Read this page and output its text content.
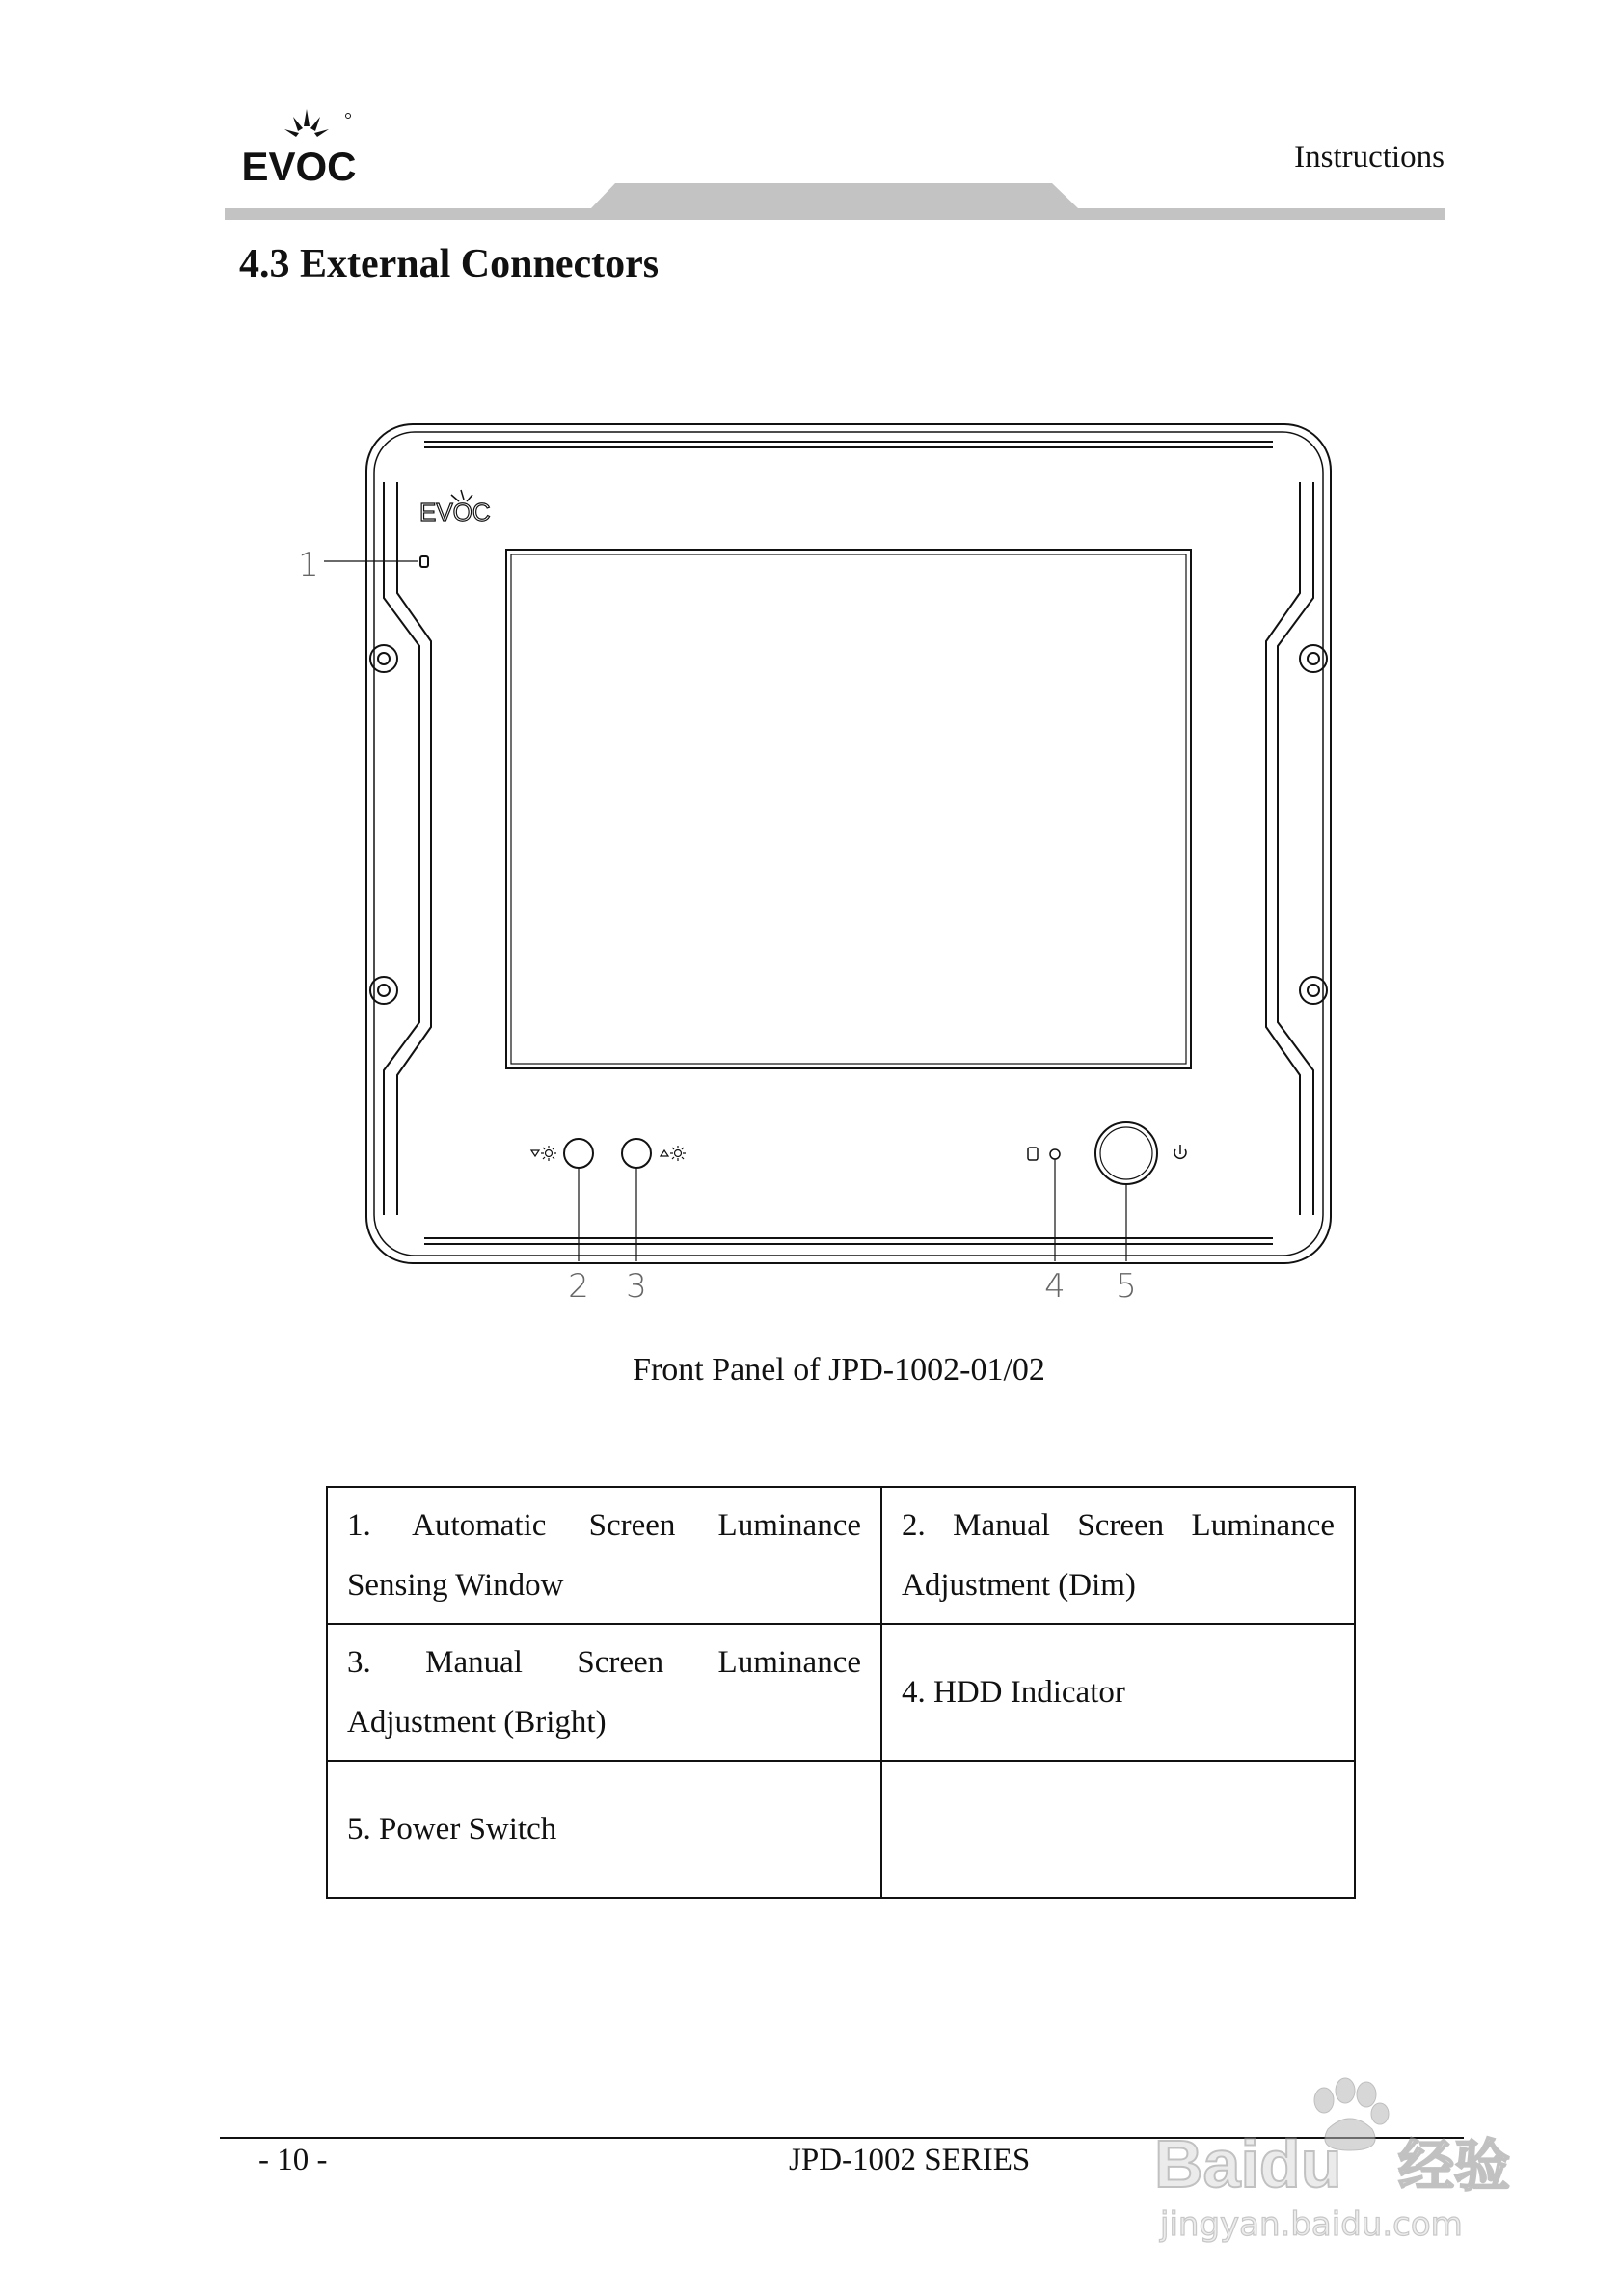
EVOC	Instructions
4.3 External Connectors
EVOC
1
2 3	4 5
Front Panel of JPD-1002-01/02
1. Automatic Screen Luminance Sensing Window	2. Manual Screen Luminance Adjustment (Dim)
3. Manual Screen Luminance Adjustment (Bright)	4. HDD Indicator
5. Power Switch	
- 10 -	JPD-1002 SERIES Baidu 经验
jingyan.baidu.com
